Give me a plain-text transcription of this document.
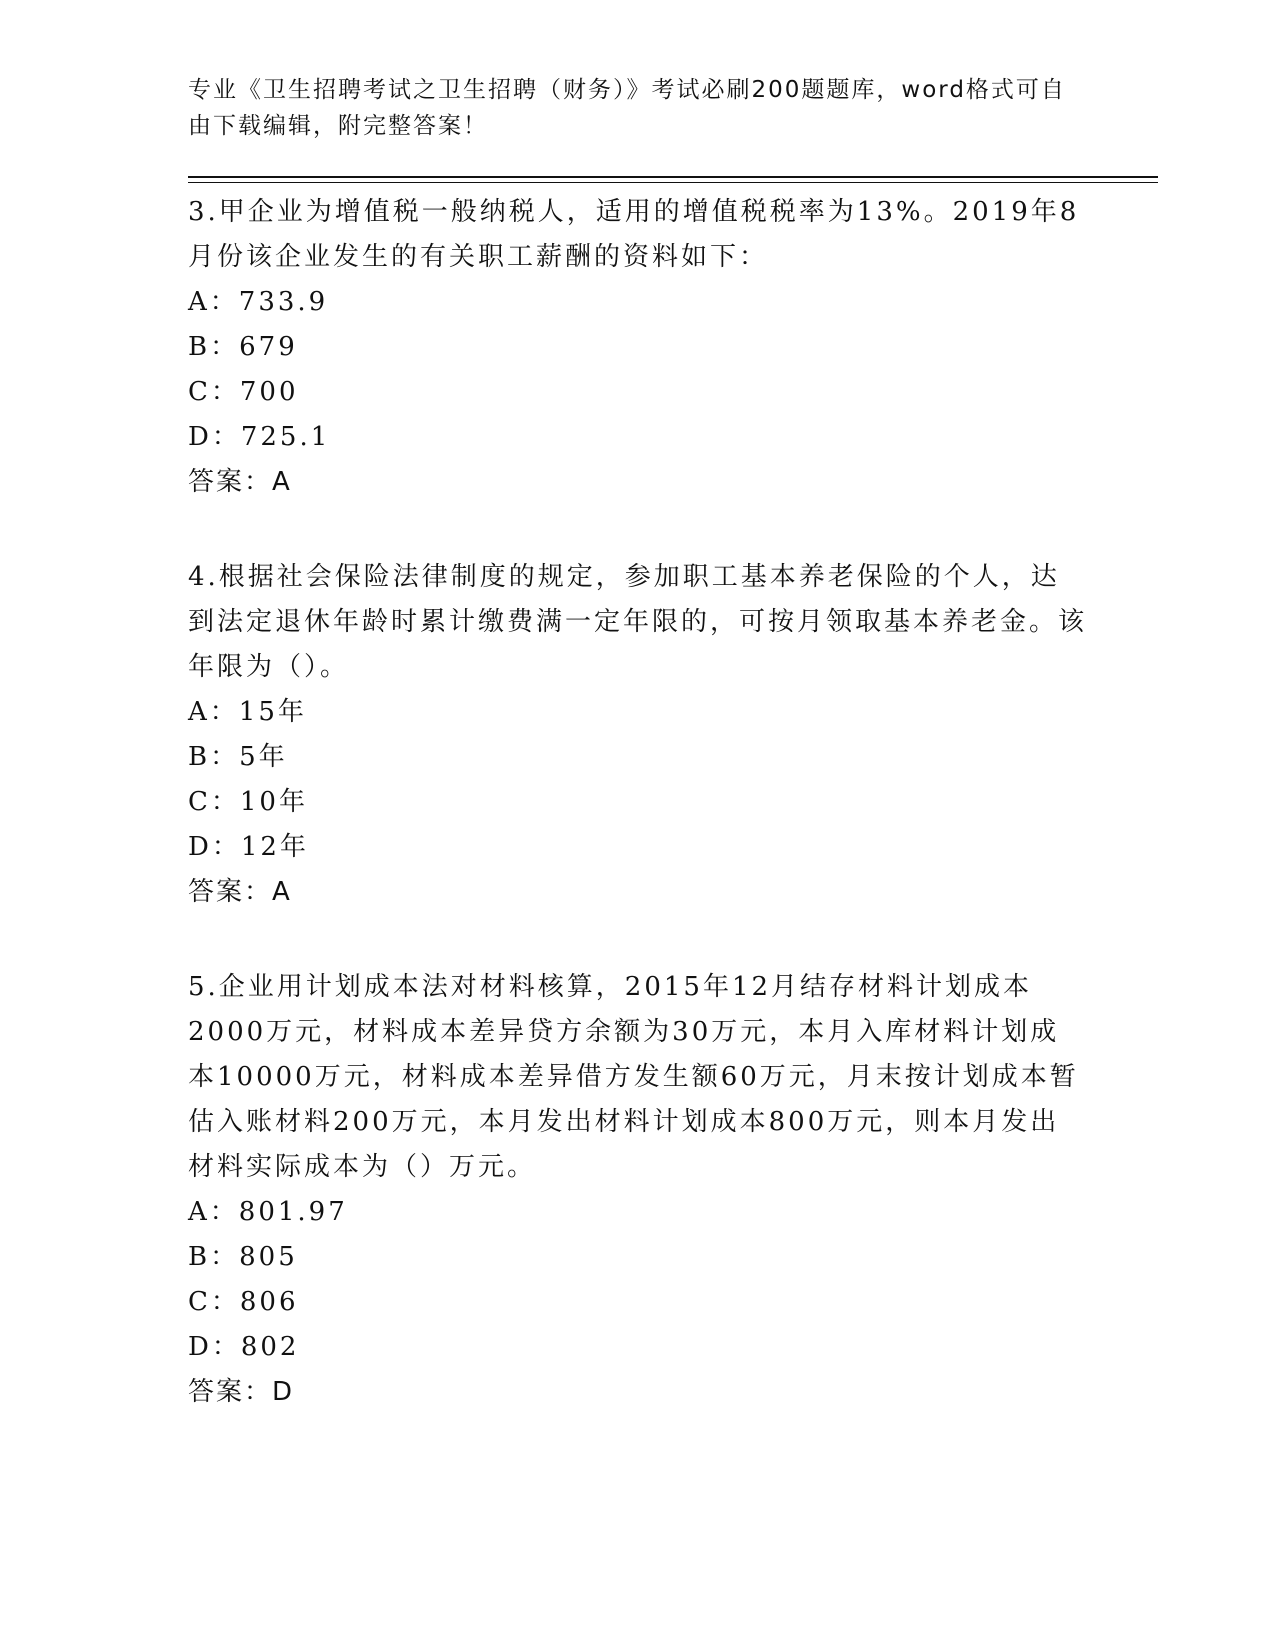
专业《卫生招聘考试之卫生招聘（财务）》考试必刷200题题库，word格式可自由下载编辑，附完整答案！
3.甲企业为增值税一般纳税人，适用的增值税税率为13%。2019年8月份该企业发生的有关职工薪酬的资料如下：
A：733.9
B：679
C：700
D：725.1
答案：A
4.根据社会保险法律制度的规定，参加职工基本养老保险的个人，达到法定退休年龄时累计缴费满一定年限的，可按月领取基本养老金。该年限为（）。
A：15年
B：5年
C：10年
D：12年
答案：A
5.企业用计划成本法对材料核算，2015年12月结存材料计划成本2000万元，材料成本差异贷方余额为30万元，本月入库材料计划成本10000万元，材料成本差异借方发生额60万元，月末按计划成本暂估入账材料200万元，本月发出材料计划成本800万元，则本月发出材料实际成本为（）万元。
A：801.97
B：805
C：806
D：802
答案：D
